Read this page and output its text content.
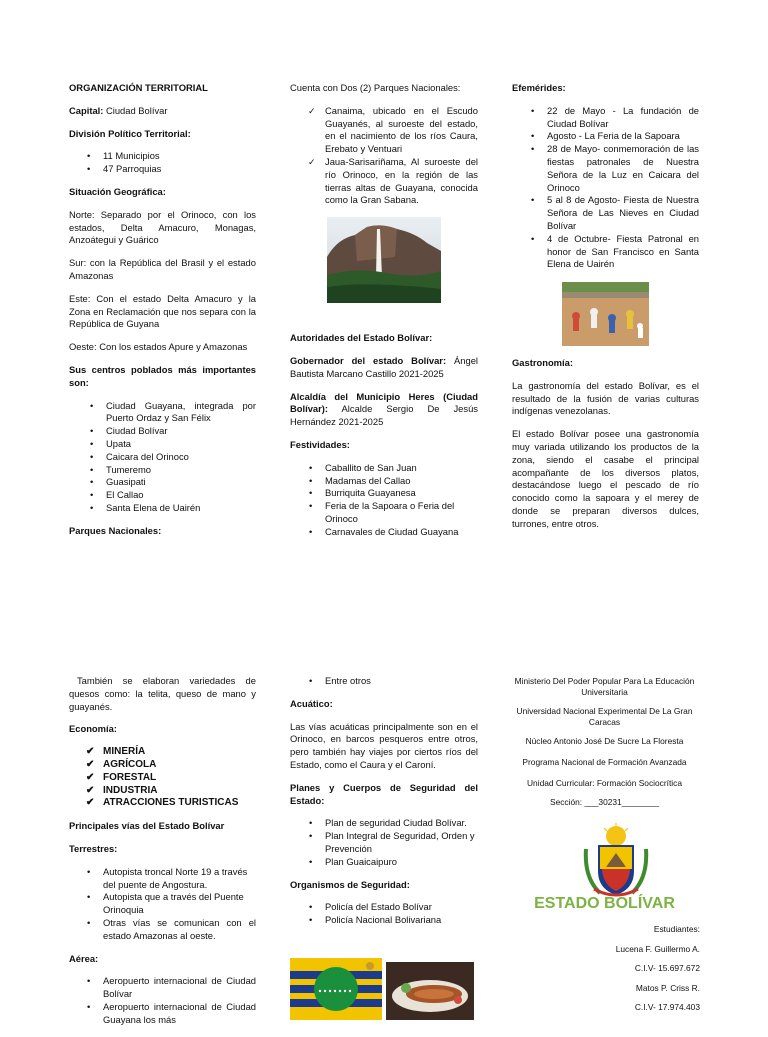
ORGANIZACIÓN TERRITORIAL

Capital: Ciudad Bolívar

División Político Territorial:

• 11 Municipios
• 47 Parroquias

Situación Geográfica:

Norte: Separado por el Orinoco, con los estados, Delta Amacuro, Monagas, Anzoátegui y Guárico

Sur: con la República del Brasil y el estado Amazonas

Este: Con el estado Delta Amacuro y la Zona en Reclamación que nos separa con la República de Guyana

Oeste: Con los estados Apure y Amazonas

Sus centros poblados más importantes son:

• Ciudad Guayana, integrada por Puerto Ordaz y San Félix
• Ciudad Bolívar
• Upata
• Caicara del Orinoco
• Tumeremo
• Guasipati
• El Callao
• Santa Elena de Uairén

Parques Nacionales:

Cuenta con Dos (2) Parques Nacionales:

✓ Canaima, ubicado en el Escudo Guayanés, al suroeste del estado, en el nacimiento de los ríos Caura, Erebato y Ventuari
✓ Jaua-Sarisariñama, Al suroeste del río Orinoco, en la región de las tierras altas de Guayana, conocida como la Gran Sabana.

Autoridades del Estado Bolívar:

Gobernador del estado Bolívar: Ángel Bautista Marcano Castillo 2021-2025

Alcaldía del Municipio Heres (Ciudad Bolívar): Alcalde Sergio De Jesús Hernández 2021-2025

Festividades:

• Caballito de San Juan
• Madamas del Callao
• Burriquita Guayanesa
• Feria de la Sapoara o Feria del Orinoco
• Carnavales de Ciudad Guayana

Efemérides:

• 22 de Mayo - La fundación de Ciudad Bolívar
• Agosto - La Feria de la Sapoara
• 28 de Mayo- conmemoración de las fiestas patronales de Nuestra Señora de la Luz en Caicara del Orinoco
• 5 al 8 de Agosto- Fiesta de Nuestra Señora de Las Nieves en Ciudad Bolívar
• 4 de Octubre- Fiesta Patronal en honor de San Francisco en Santa Elena de Uairén

Gastronomía:

La gastronomía del estado Bolívar, es el resultado de la fusión de varias culturas indígenas venezolanas.

El estado Bolívar posee una gastronomía muy variada utilizando los productos de la zona, siendo el casabe el principal acompañante de los diversos platos, destacándose luego el pescado de río conocido como la sapoara y el merey de donde se preparan diversos dulces, turrones, entre otros.

También se elaboran variedades de quesos como: la telita, queso de mano y guayanés.

Economía:

✔ MINERÍA
✔ AGRÍCOLA
✔ FORESTAL
✔ INDUSTRIA
✔ ATRACCIONES TURISTICAS

Principales vías del Estado Bolívar

Terrestres:

• Autopista troncal Norte 19 a través del puente de Angostura.
• Autopista que a través del Puente Orinoquia
• Otras vías se comunican con el estado Amazonas al oeste.

Aérea:

• Aeropuerto internacional de Ciudad Bolívar
• Aeropuerto internacional de Ciudad Guayana los más
• Entre otros

Acuático:

Las vías acuáticas principalmente son en el Orinoco, en barcos pesqueros entre otros, pero también hay viajes por ciertos ríos del Estado, como el Caura y el Caroní.

Planes y Cuerpos de Seguridad del Estado:

• Plan de seguridad Ciudad Bolívar.
• Plan Integral de Seguridad, Orden y Prevención
• Plan Guaicaipuro

Organismos de Seguridad:

• Policía del Estado Bolívar
• Policía Nacional Bolivariana
Ministerio Del Poder Popular Para La Educación Universitaria
Universidad Nacional Experimental De La Gran Caracas
Núcleo Antonio José De Sucre La Floresta
Programa Nacional de Formación Avanzada
Unidad Curricular: Formación Sociocrítica
Sección: ___30231________
ESTADO BOLÍVAR
Estudiantes:
Lucena F. Guillermo A.
C.I.V- 15.697.672
Matos P. Criss R.
C.I.V- 17.974.403
